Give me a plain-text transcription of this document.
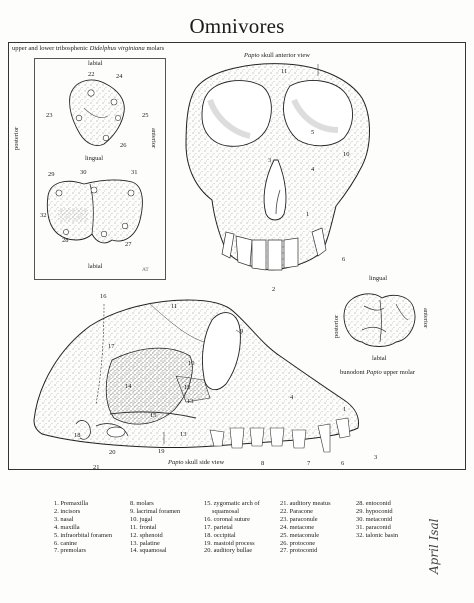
Omnivores
upper and lower tribosphenic Didelphus virginiana molars
Papio skull anterior view
labial
lingual
labial
posterior	anterior
AT
22	24
23	25
26
29	30	31
32
28
27
11
5
10
3
4
1
6
2
lingual
posterior	anterior
labial
bunodont Papio upper molar
16
11
9
17
10
4
14	12
13
15
18
20
21
19
13
8	7	6
1
3
Papio skull side view
1. Premaxilla
2. incisors
3. nasal
4. maxilla
5. infraorbital foramen
6. canine
7. premolars
8. molars
9. lacrimal foramen
10. jugal
11. frontal
12. sphenoid
13. palatine
14. squamosal
15. zygomatic arch of
squamosal
16. coronal suture
17. parietal
18. occipital
19. mastoid process
20. auditory bullae
21. auditory meatus
22. Paracone
23. paraconule
24. metacone
25. metaconule
26. protocone
27. protoconid
28. entoconid
29. hypoconid
30. metaconid
31. paraconid
32. talonic basin April Isal
